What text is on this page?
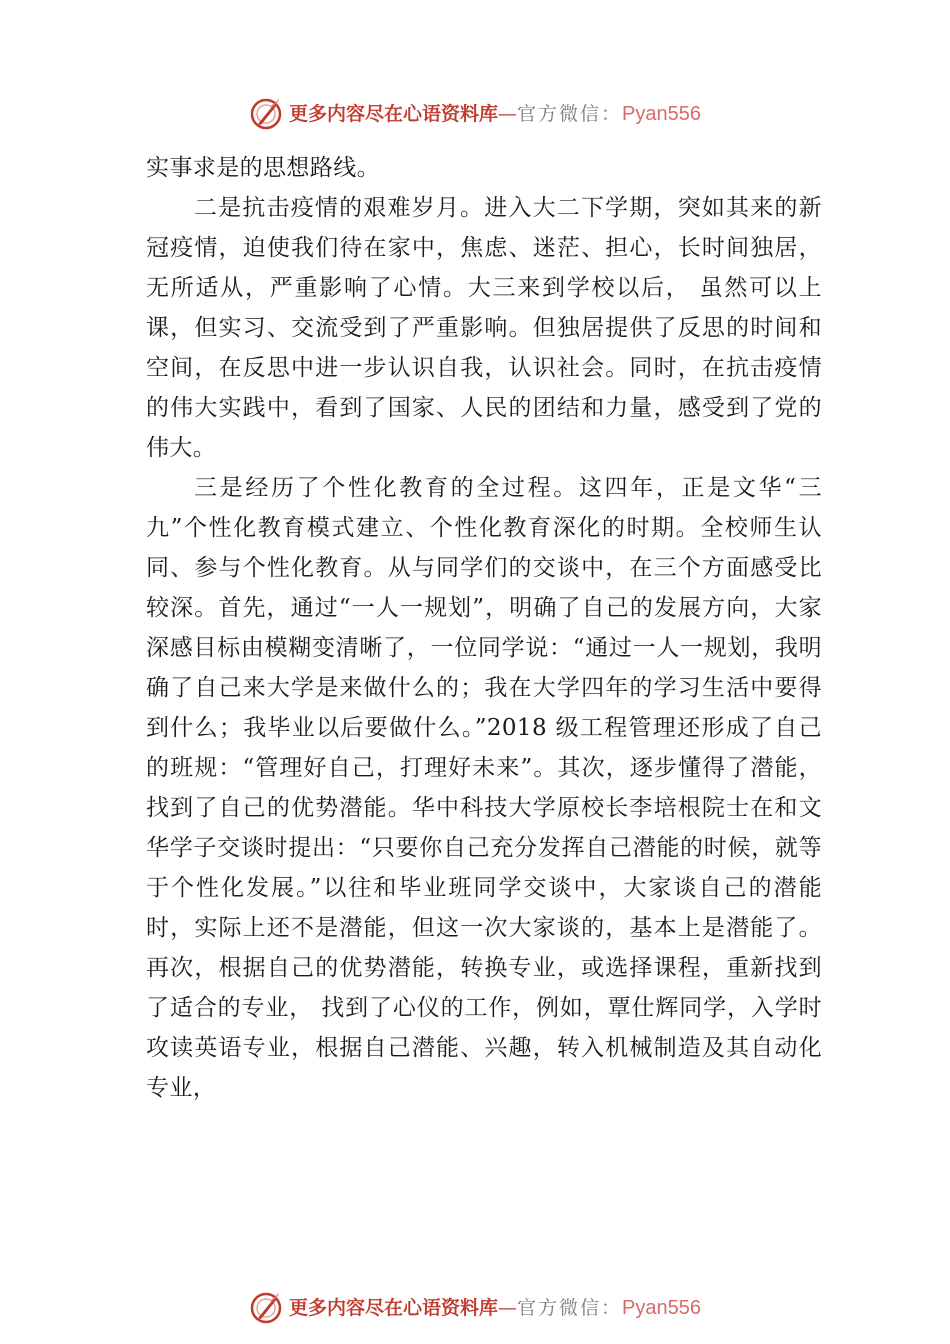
更多内容尽在心语资料库—官方微信：Pyan556

实事求是的思想路线。

二是抗击疫情的艰难岁月。进入大二下学期，突如其来的新冠疫情，迫使我们待在家中，焦虑、迷茫、担心，长时间独居，无所适从，严重影响了心情。大三来到学校以后， 虽然可以上课，但实习、交流受到了严重影响。但独居提供了反思的时间和空间，在反思中进一步认识自我，认识社会。同时，在抗击疫情的伟大实践中，看到了国家、人民的团结和力量，感受到了党的伟大。

三是经历了个性化教育的全过程。这四年，正是文华“三九”个性化教育模式建立、个性化教育深化的时期。全校师生认同、参与个性化教育。从与同学们的交谈中，在三个方面感受比较深。首先，通过“一人一规划”，明确了自己的发展方向，大家深感目标由模糊变清晰了，一位同学说：“通过一人一规划，我明确了自己来大学是来做什么的；我在大学四年的学习生活中要得到什么；我毕业以后要做什么。”2018 级工程管理还形成了自己的班规：“管理好自己，打理好未来”。其次，逐步懂得了潜能，找到了自己的优势潜能。华中科技大学原校长李培根院士在和文华学子交谈时提出：“只要你自己充分发挥自己潜能的时候，就等于个性化发展。”以往和毕业班同学交谈中，大家谈自己的潜能时，实际上还不是潜能，但这一次大家谈的，基本上是潜能了。再次，根据自己的优势潜能，转换专业，或选择课程，重新找到了适合的专业， 找到了心仪的工作，例如，覃仕辉同学，入学时攻读英语专业，根据自己潜能、兴趣，转入机械制造及其自动化专业，

更多内容尽在心语资料库—官方微信：Pyan556
